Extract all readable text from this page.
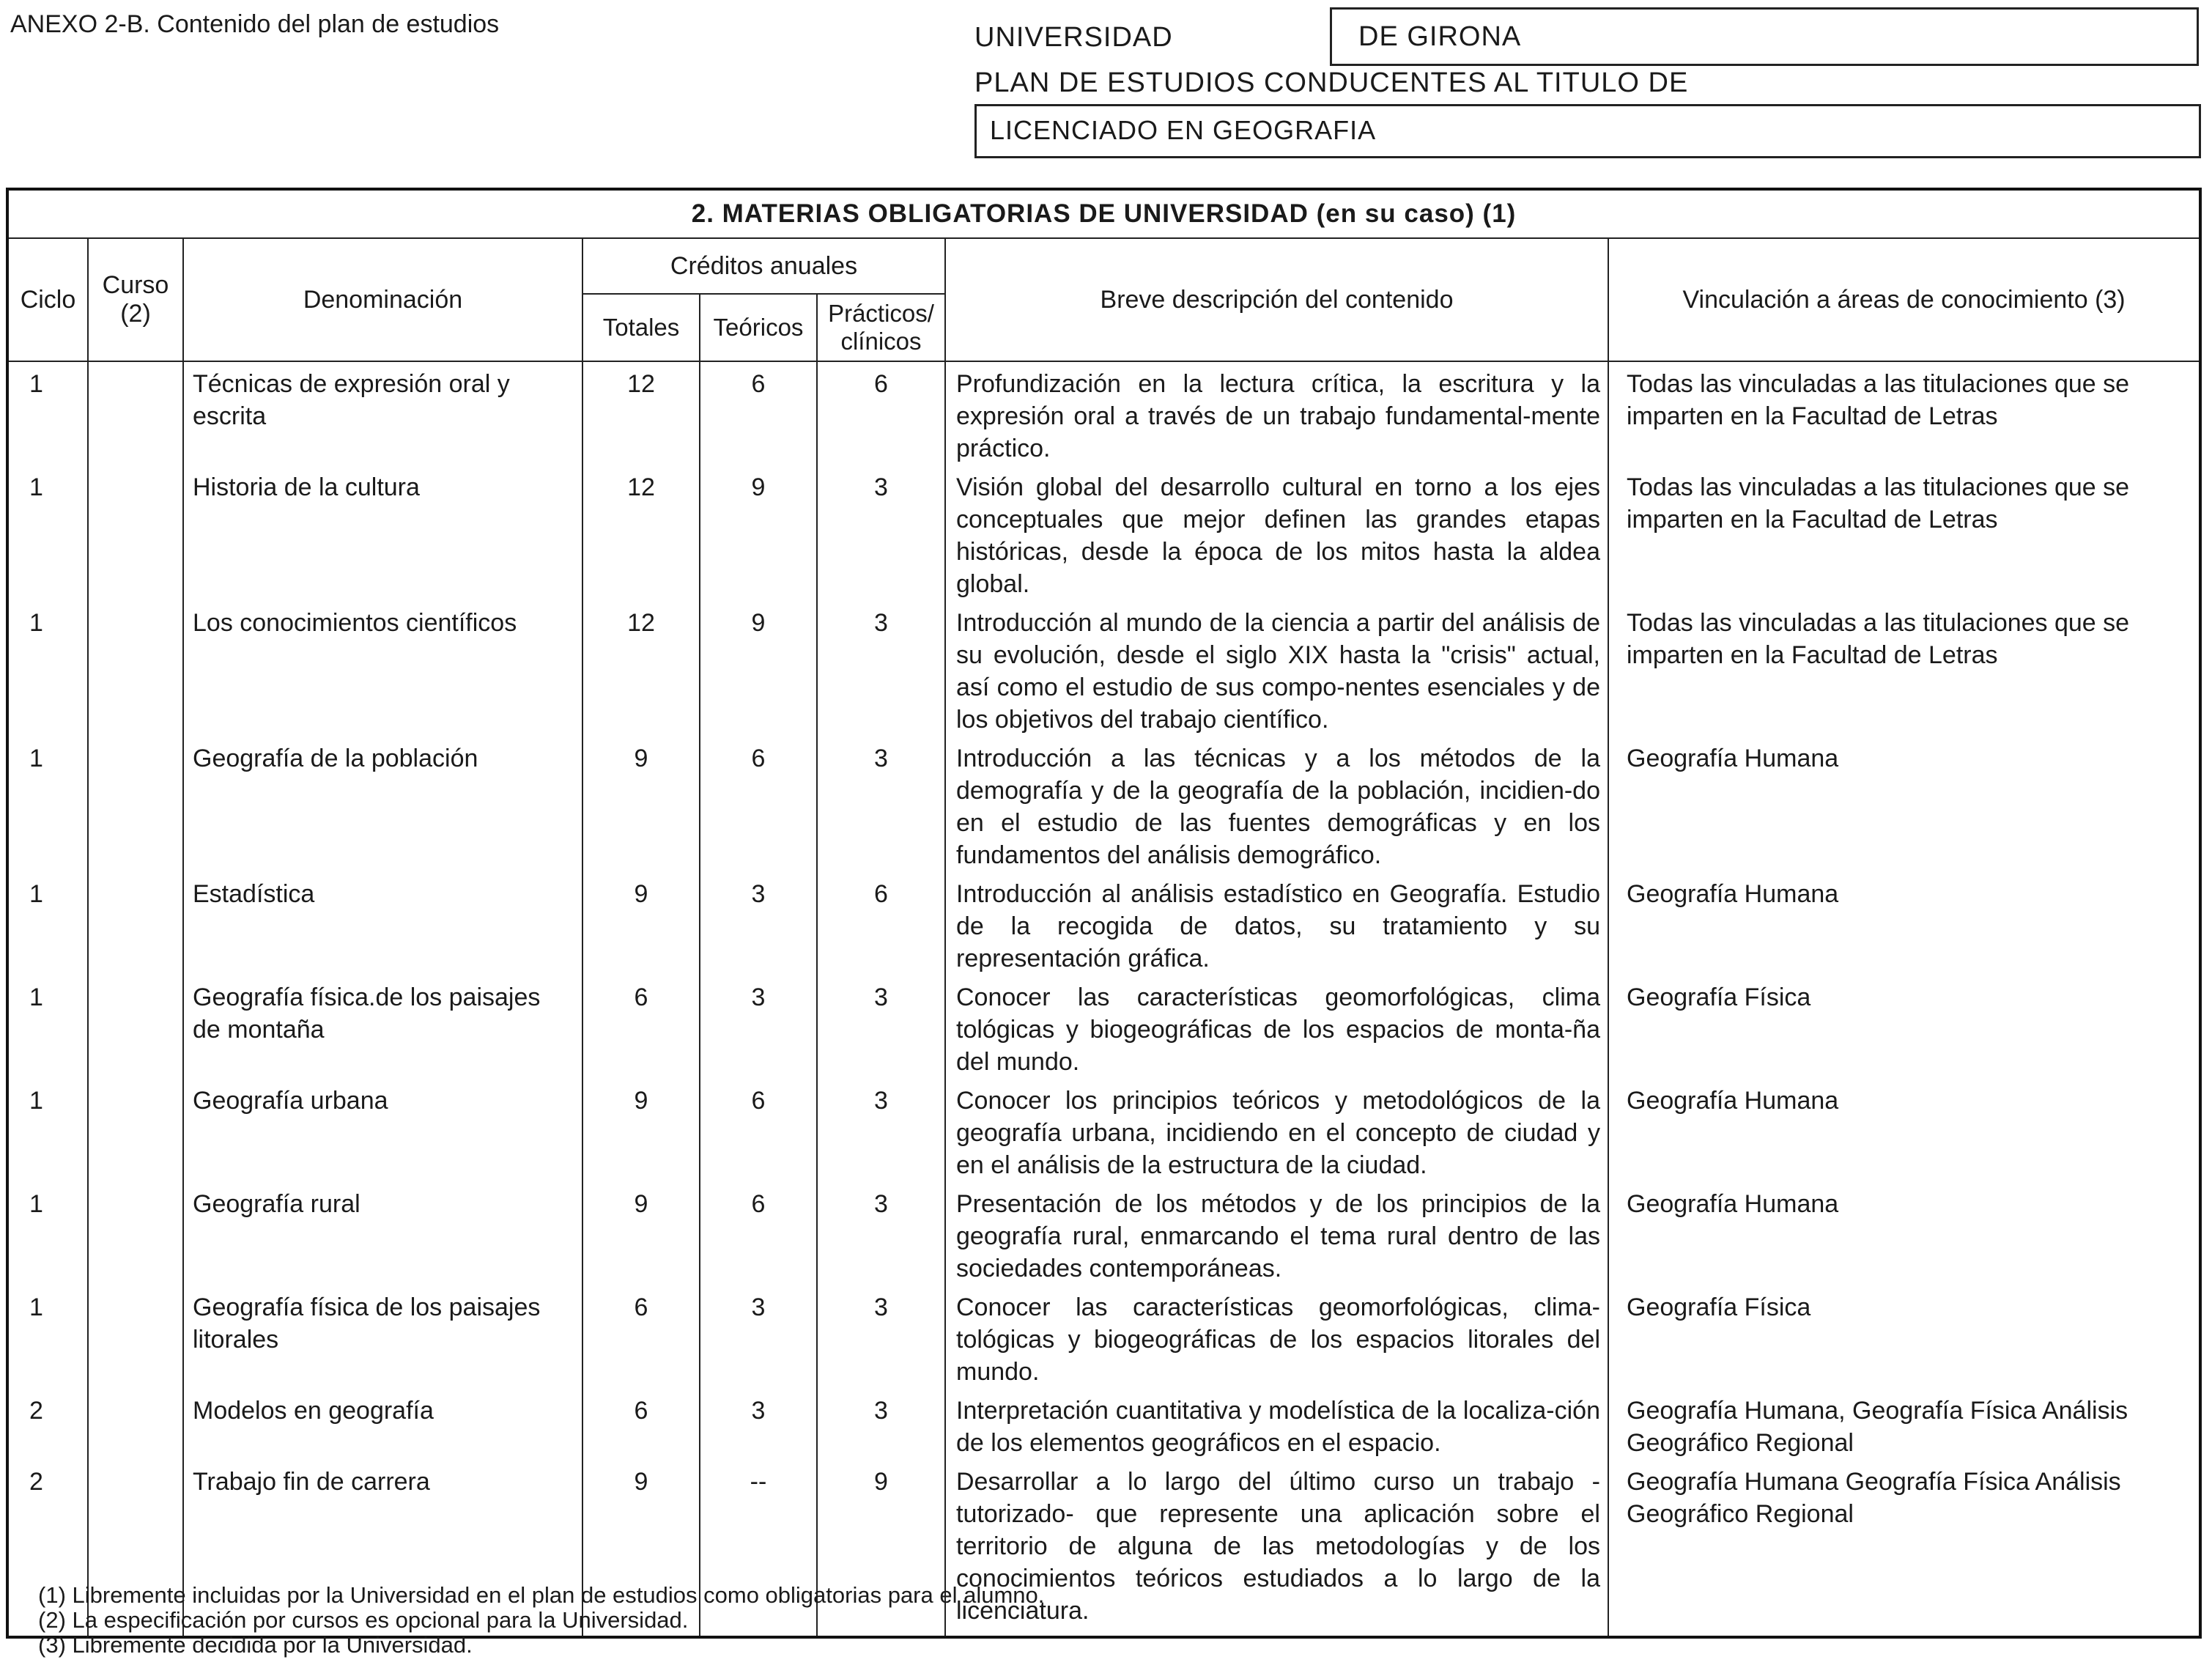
ANEXO 2-B. Contenido del plan de estudios	UNIVERSIDAD	DE GIRONA
PLAN DE ESTUDIOS CONDUCENTES AL TITULO DE
LICENCIADO EN GEOGRAFIA
2. MATERIAS OBLIGATORIAS DE UNIVERSIDAD (en su caso) (1)							
Ciclo	Curso (2)	Denominación	Créditos anuales			Breve descripción del contenido	Vinculación a áreas de conocimiento (3)
			Totales	Teóricos	Prácticos/ clínicos		
1		Técnicas de expresión oral y escrita	12	6	6	Profundización en la lectura crítica, la escritura y la expresión oral a través de un trabajo fundamental-mente práctico.	Todas las vinculadas a las titulaciones que se imparten en la Facultad de Letras
1		Historia de la cultura	12	9	3	Visión global del desarrollo cultural en torno a los ejes conceptuales que mejor definen las grandes etapas históricas, desde la época de los mitos hasta la aldea global.	Todas las vinculadas a las titulaciones que se imparten en la Facultad de Letras
1		Los conocimientos científicos	12	9	3	Introducción al mundo de la ciencia a partir del análisis de su evolución, desde el siglo XIX hasta la "crisis" actual, así como el estudio de sus compo-nentes esenciales y de los objetivos del trabajo científico.	Todas las vinculadas a las titulaciones que se imparten en la Facultad de Letras
1		Geografía de la población	9	6	3	Introducción a las técnicas y a los métodos de la demografía y de la geografía de la población, incidien-do en el estudio de las fuentes demográficas y en los fundamentos del análisis demográfico.	Geografía Humana
1		Estadística	9	3	6	Introducción al análisis estadístico en Geografía. Estudio de la recogida de datos, su tratamiento y su representación gráfica.	Geografía Humana
1		Geografía física.de los paisajes de montaña	6	3	3	Conocer las características geomorfológicas, clima tológicas y biogeográficas de los espacios de monta-ña del mundo.	Geografía Física
1		Geografía urbana	9	6	3	Conocer los principios teóricos y metodológicos de la geografía urbana, incidiendo en el concepto de ciudad y en el análisis de la estructura de la ciudad.	Geografía Humana
1		Geografía rural	9	6	3	Presentación de los métodos y de los principios de la geografía rural, enmarcando el tema rural dentro de las sociedades contemporáneas.	Geografía Humana
1		Geografía física de los paisajes litorales	6	3	3	Conocer las características geomorfológicas, clima-tológicas y biogeográficas de los espacios litorales del mundo.	Geografía Física
2		Modelos en geografía	6	3	3	Interpretación cuantitativa y modelística de la localiza-ción de los elementos geográficos en el espacio.	Geografía Humana, Geografía Física Análisis Geográfico Regional
2		Trabajo fin de carrera	9	--	9	Desarrollar a lo largo del último curso un trabajo -tutorizado- que represente una aplicación sobre el territorio de alguna de las metodologías y de los conocimientos teóricos estudiados a lo largo de la licenciatura.	Geografía Humana Geografía Física Análisis Geográfico Regional
(1) Libremente incluidas por la Universidad en el plan de estudios como obligatorias para el alumno.
(2) La especificación por cursos es opcional para la Universidad.
(3) Libremente decidida por la Universidad.
